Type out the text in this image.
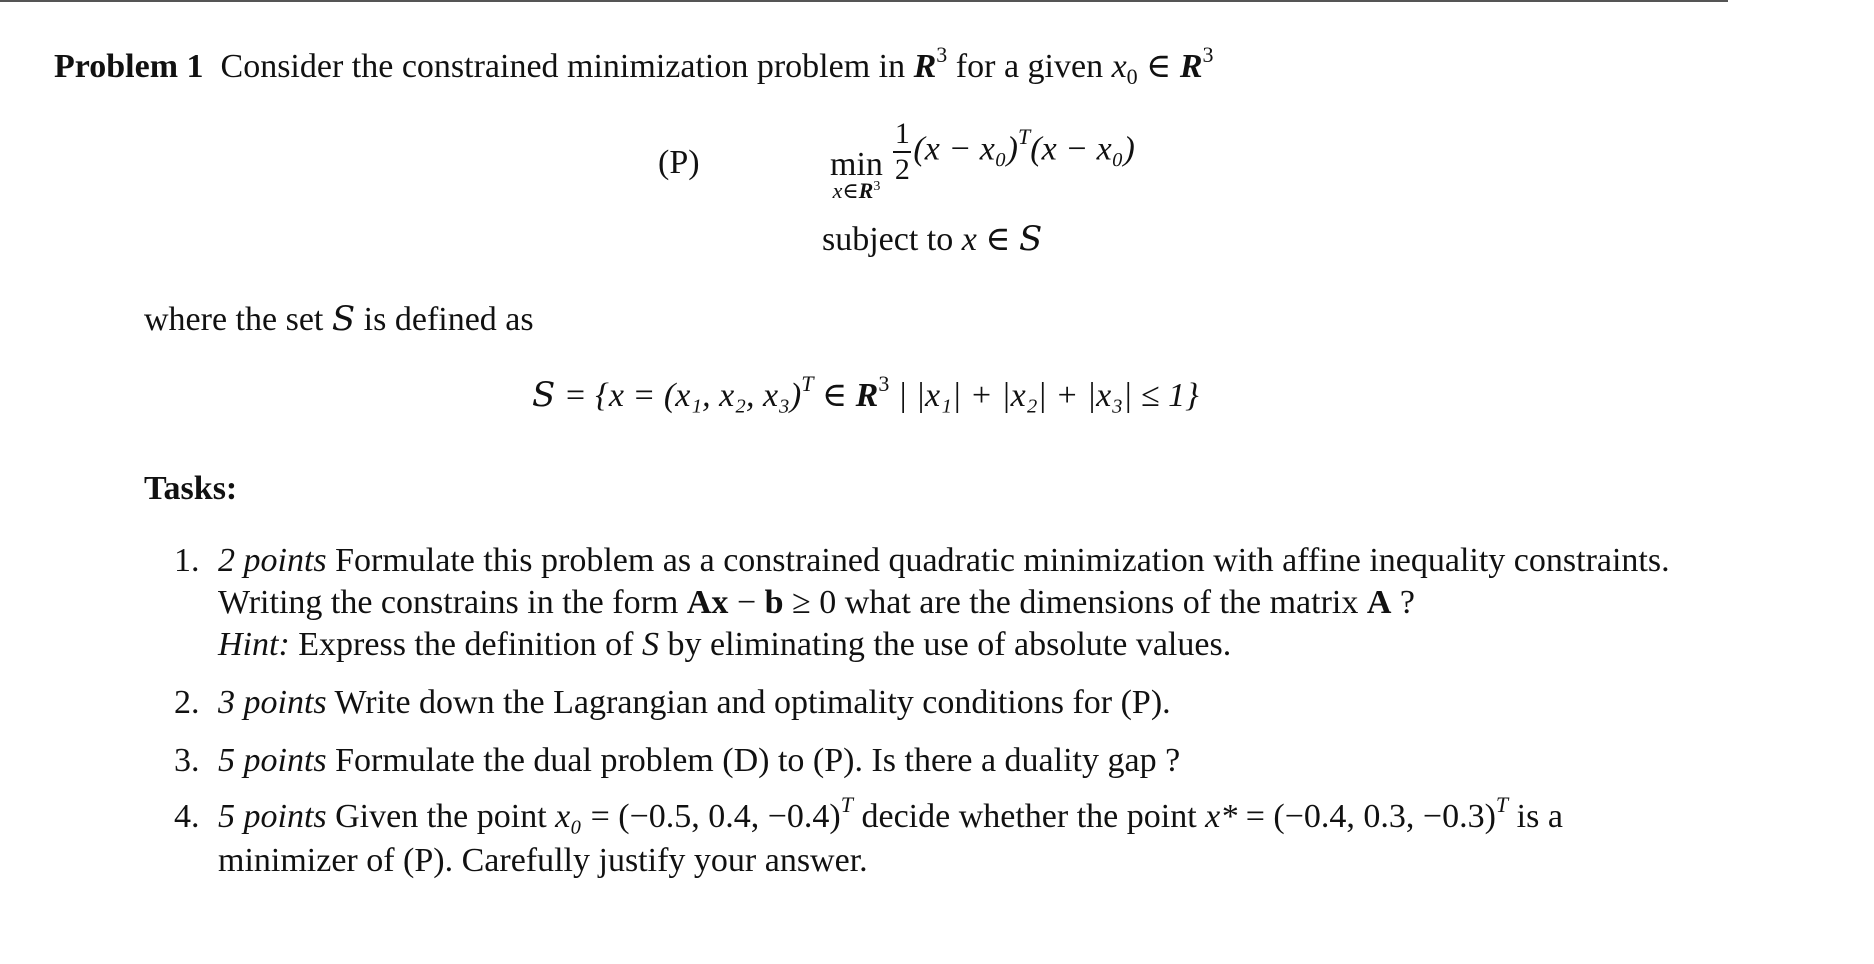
Problem 1 Consider the constrained minimization problem in $R^3$ for a given $x_0$ ∈ $R^3$
(P)	min
$x\in R^3$

$\frac{1}{2} (x - x_0)^T(x - x_0)$
subject to x ∈ S
where the set S is defined as
S = {x = (x₁, x₂, x₃)$^T$ ∈ $R^3$ | |x₁| + |x₂| + |x₃| ≤ 1}
Tasks:
1. 2 points Formulate this problem as a constrained quadratic minimization with affine inequality constraints.
Writing the constrains in the form Ax − b ≥ 0 what are the dimensions of the matrix A ?
Hint: Express the definition of S by eliminating the use of absolute values.
2. 3 points Write down the Lagrangian and optimality conditions for (P).
3. 5 points Formulate the dual problem (D) to (P). Is there a duality gap ?
4. 5 points Given the point x₀ = (−0.5, 0.4, −0.4)$^T$ decide whether the point x* = (−0.4, 0.3, −0.3)$^T$ is a
minimizer of (P). Carefully justify your answer.
